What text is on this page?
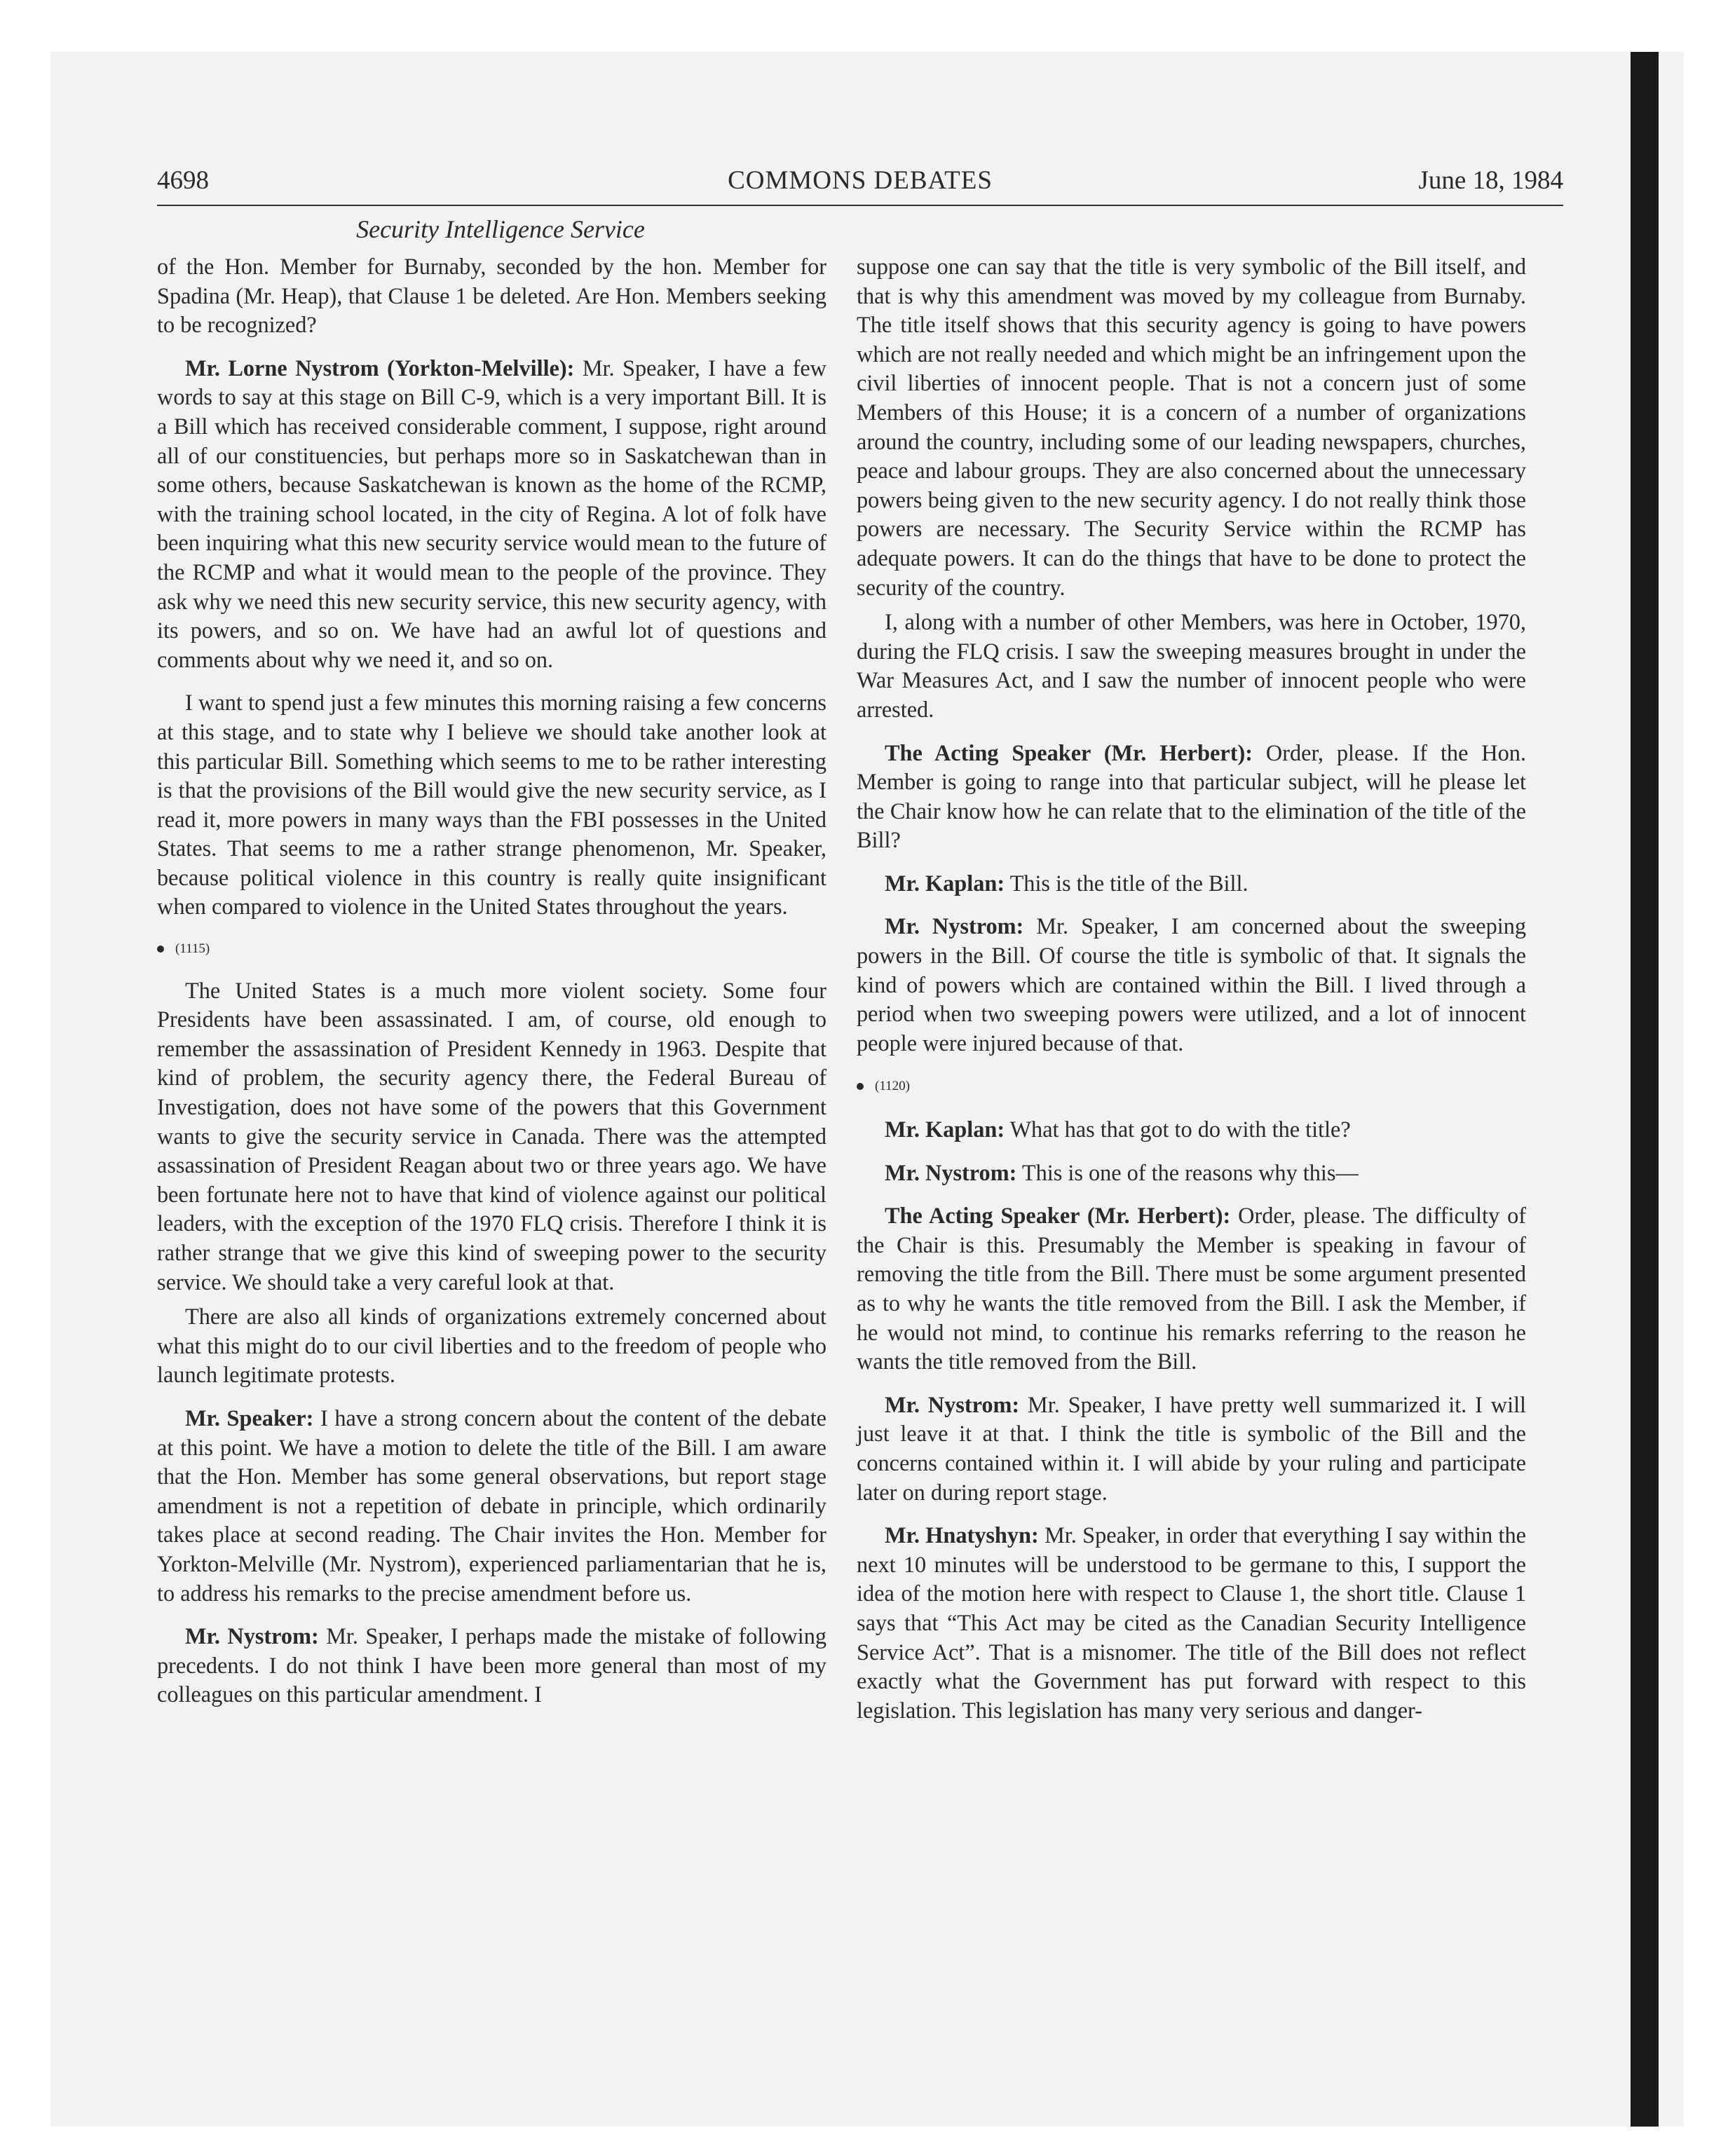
COMMONS DEBATES
4698	June 18, 1984
Security Intelligence Service

of the Hon. Member for Burnaby, seconded by the hon. Member for Spadina (Mr. Heap), that Clause 1 be deleted. Are Hon. Members seeking to be recognized?

Mr. Lorne Nystrom (Yorkton-Melville): Mr. Speaker, I have a few words to say at this stage on Bill C-9, which is a very important Bill. It is a Bill which has received considerable comment, I suppose, right around all of our constituencies, but perhaps more so in Saskatchewan than in some others, because Saskatchewan is known as the home of the RCMP, with the training school located, in the city of Regina. A lot of folk have been inquiring what this new security service would mean to the future of the RCMP and what it would mean to the people of the province. They ask why we need this new security service, this new security agency, with its powers, and so on. We have had an awful lot of questions and comments about why we need it, and so on.

I want to spend just a few minutes this morning raising a few concerns at this stage, and to state why I believe we should take another look at this particular Bill. Something which seems to me to be rather interesting is that the provisions of the Bill would give the new security service, as I read it, more powers in many ways than the FBI possesses in the United States. That seems to me a rather strange phenomenon, Mr. Speaker, because political violence in this country is really quite insignificant when compared to violence in the United States throughout the years.

(1115)

The United States is a much more violent society. Some four Presidents have been assassinated. I am, of course, old enough to remember the assassination of President Kennedy in 1963. Despite that kind of problem, the security agency there, the Federal Bureau of Investigation, does not have some of the powers that this Government wants to give the security service in Canada. There was the attempted assassination of President Reagan about two or three years ago. We have been fortunate here not to have that kind of violence against our political leaders, with the exception of the 1970 FLQ crisis. Therefore I think it is rather strange that we give this kind of sweeping power to the security service. We should take a very careful look at that.

There are also all kinds of organizations extremely concerned about what this might do to our civil liberties and to the freedom of people who launch legitimate protests.

Mr. Speaker: I have a strong concern about the content of the debate at this point. We have a motion to delete the title of the Bill. I am aware that the Hon. Member has some general observations, but report stage amendment is not a repetition of debate in principle, which ordinarily takes place at second reading. The Chair invites the Hon. Member for Yorkton-Melville (Mr. Nystrom), experienced parliamentarian that he is, to address his remarks to the precise amendment before us.

Mr. Nystrom: Mr. Speaker, I perhaps made the mistake of following precedents. I do not think I have been more general than most of my colleagues on this particular amendment. I

suppose one can say that the title is very symbolic of the Bill itself, and that is why this amendment was moved by my colleague from Burnaby. The title itself shows that this security agency is going to have powers which are not really needed and which might be an infringement upon the civil liberties of innocent people. That is not a concern just of some Members of this House; it is a concern of a number of organizations around the country, including some of our leading newspapers, churches, peace and labour groups. They are also concerned about the unnecessary powers being given to the new security agency. I do not really think those powers are necessary. The Security Service within the RCMP has adequate powers. It can do the things that have to be done to protect the security of the country.

I, along with a number of other Members, was here in October, 1970, during the FLQ crisis. I saw the sweeping measures brought in under the War Measures Act, and I saw the number of innocent people who were arrested.

The Acting Speaker (Mr. Herbert): Order, please. If the Hon. Member is going to range into that particular subject, will he please let the Chair know how he can relate that to the elimination of the title of the Bill?

Mr. Kaplan: This is the title of the Bill.

Mr. Nystrom: Mr. Speaker, I am concerned about the sweeping powers in the Bill. Of course the title is symbolic of that. It signals the kind of powers which are contained within the Bill. I lived through a period when two sweeping powers were utilized, and a lot of innocent people were injured because of that.

(1120)

Mr. Kaplan: What has that got to do with the title?

Mr. Nystrom: This is one of the reasons why this—

The Acting Speaker (Mr. Herbert): Order, please. The difficulty of the Chair is this. Presumably the Member is speaking in favour of removing the title from the Bill. There must be some argument presented as to why he wants the title removed from the Bill. I ask the Member, if he would not mind, to continue his remarks referring to the reason he wants the title removed from the Bill.

Mr. Nystrom: Mr. Speaker, I have pretty well summarized it. I will just leave it at that. I think the title is symbolic of the Bill and the concerns contained within it. I will abide by your ruling and participate later on during report stage.

Mr. Hnatyshyn: Mr. Speaker, in order that everything I say within the next 10 minutes will be understood to be germane to this, I support the idea of the motion here with respect to Clause 1, the short title. Clause 1 says that “This Act may be cited as the Canadian Security Intelligence Service Act”. That is a misnomer. The title of the Bill does not reflect exactly what the Government has put forward with respect to this legislation. This legislation has many very serious and danger-
